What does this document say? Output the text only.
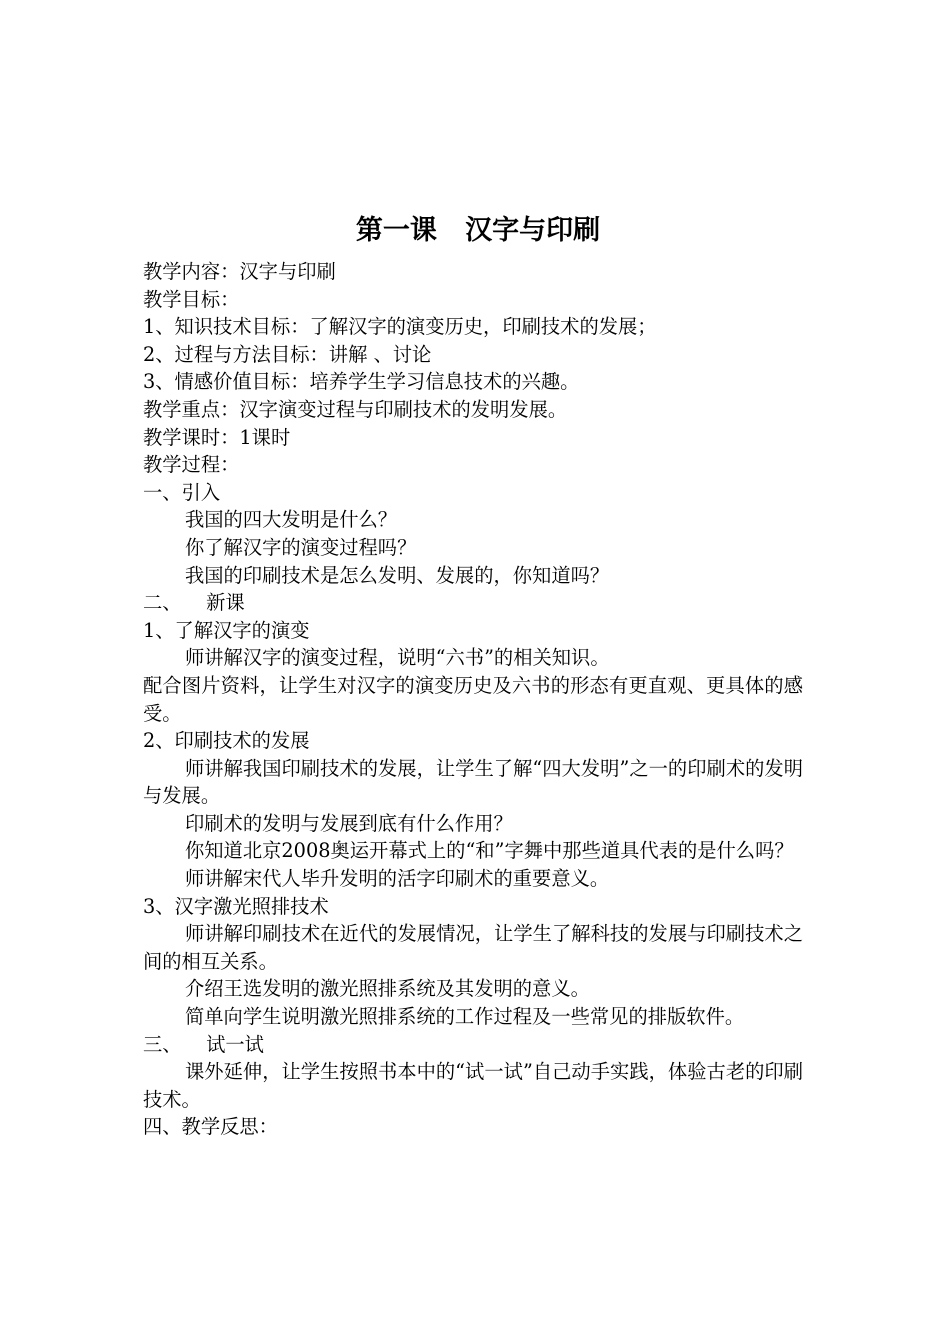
第一课   汉字与印刷
教学内容：汉字与印刷
教学目标：
1、知识技术目标：了解汉字的演变历史，印刷技术的发展；
2、过程与方法目标：讲解 、讨论
3、情感价值目标：培养学生学习信息技术的兴趣。
教学重点：汉字演变过程与印刷技术的发明发展。
教学课时：1课时
教学过程：
一、引入
我国的四大发明是什么？
你了解汉字的演变过程吗？
我国的印刷技术是怎么发明、发展的，你知道吗？
二、    新课
1、了解汉字的演变
师讲解汉字的演变过程，说明“六书”的相关知识。
配合图片资料，让学生对汉字的演变历史及六书的形态有更直观、更具体的感受。
2、印刷技术的发展
师讲解我国印刷技术的发展，让学生了解“四大发明”之一的印刷术的发明与发展。
印刷术的发明与发展到底有什么作用？
你知道北京2008奥运开幕式上的“和”字舞中那些道具代表的是什么吗？
师讲解宋代人毕升发明的活字印刷术的重要意义。
3、汉字激光照排技术
师讲解印刷技术在近代的发展情况，让学生了解科技的发展与印刷技术之间的相互关系。
介绍王选发明的激光照排系统及其发明的意义。
简单向学生说明激光照排系统的工作过程及一些常见的排版软件。
三、    试一试
课外延伸，让学生按照书本中的“试一试”自己动手实践，体验古老的印刷技术。
四、教学反思：
